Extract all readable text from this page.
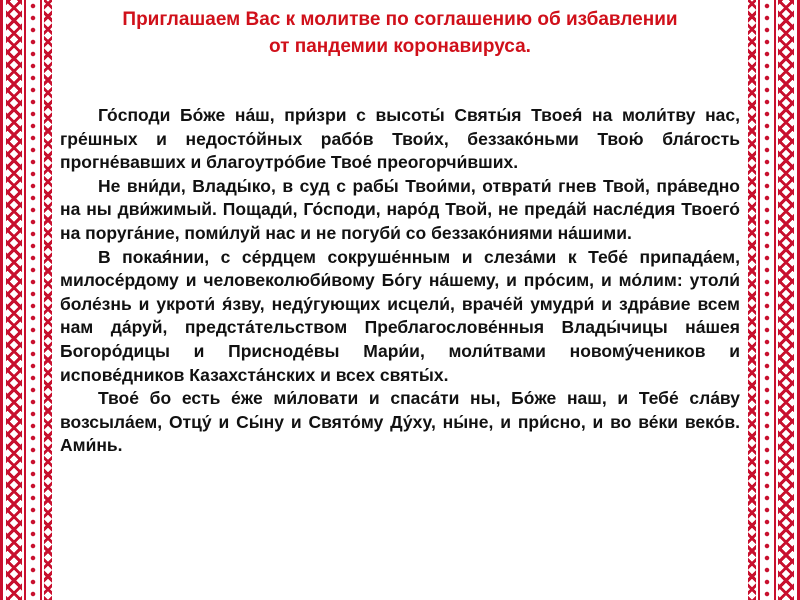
Приглашаем Вас к молитве по соглашению об избавлении
от пандемии коронавируса.

Го́споди Бо́же на́ш, при́зри с высоты́ Святы́я Твоея́ на моли́тву нас, гре́шных и недосто́йных рабо́в Твои́х, беззако́ньми Твою́ бла́гость прогне́вавших и благоутро́бие Твое́ преогорчи́вших.

Не вни́ди, Влады́ко, в суд с рабы́ Твои́ми, отврати́ гнев Твой, пра́ведно на ны дви́жимый. Пощади́, Го́споди, наро́д Твой, не преда́й насле́дия Твоего́ на поруга́ние, поми́луй нас и не погуби́ со беззако́ниями на́шими.

В покая́нии, с се́рдцем сокруше́нным и слеза́ми к Тебе́ припада́ем, милосе́рдому и человеколюби́вому Бо́гу на́шему, и про́сим, и мо́лим: утоли́ боле́знь и укроти́ я́зву, неду́гующих исцели́, враче́й умудри́ и здра́вие всем нам да́руй, предста́тельством Преблагослове́нныя Влады́чицы на́шея Богоро́дицы и Присноде́вы Мари́и, моли́твами новому́чеников и испове́дников Казахста́нских и всех святы́х.

Твое́ бо есть е́же ми́ловати и спаса́ти ны, Бо́же наш, и Тебе́ сла́ву возсыла́ем, Отцу́ и Сы́ну и Свято́му Ду́ху, ны́не, и при́сно, и во ве́ки веко́в. Ами́нь.
